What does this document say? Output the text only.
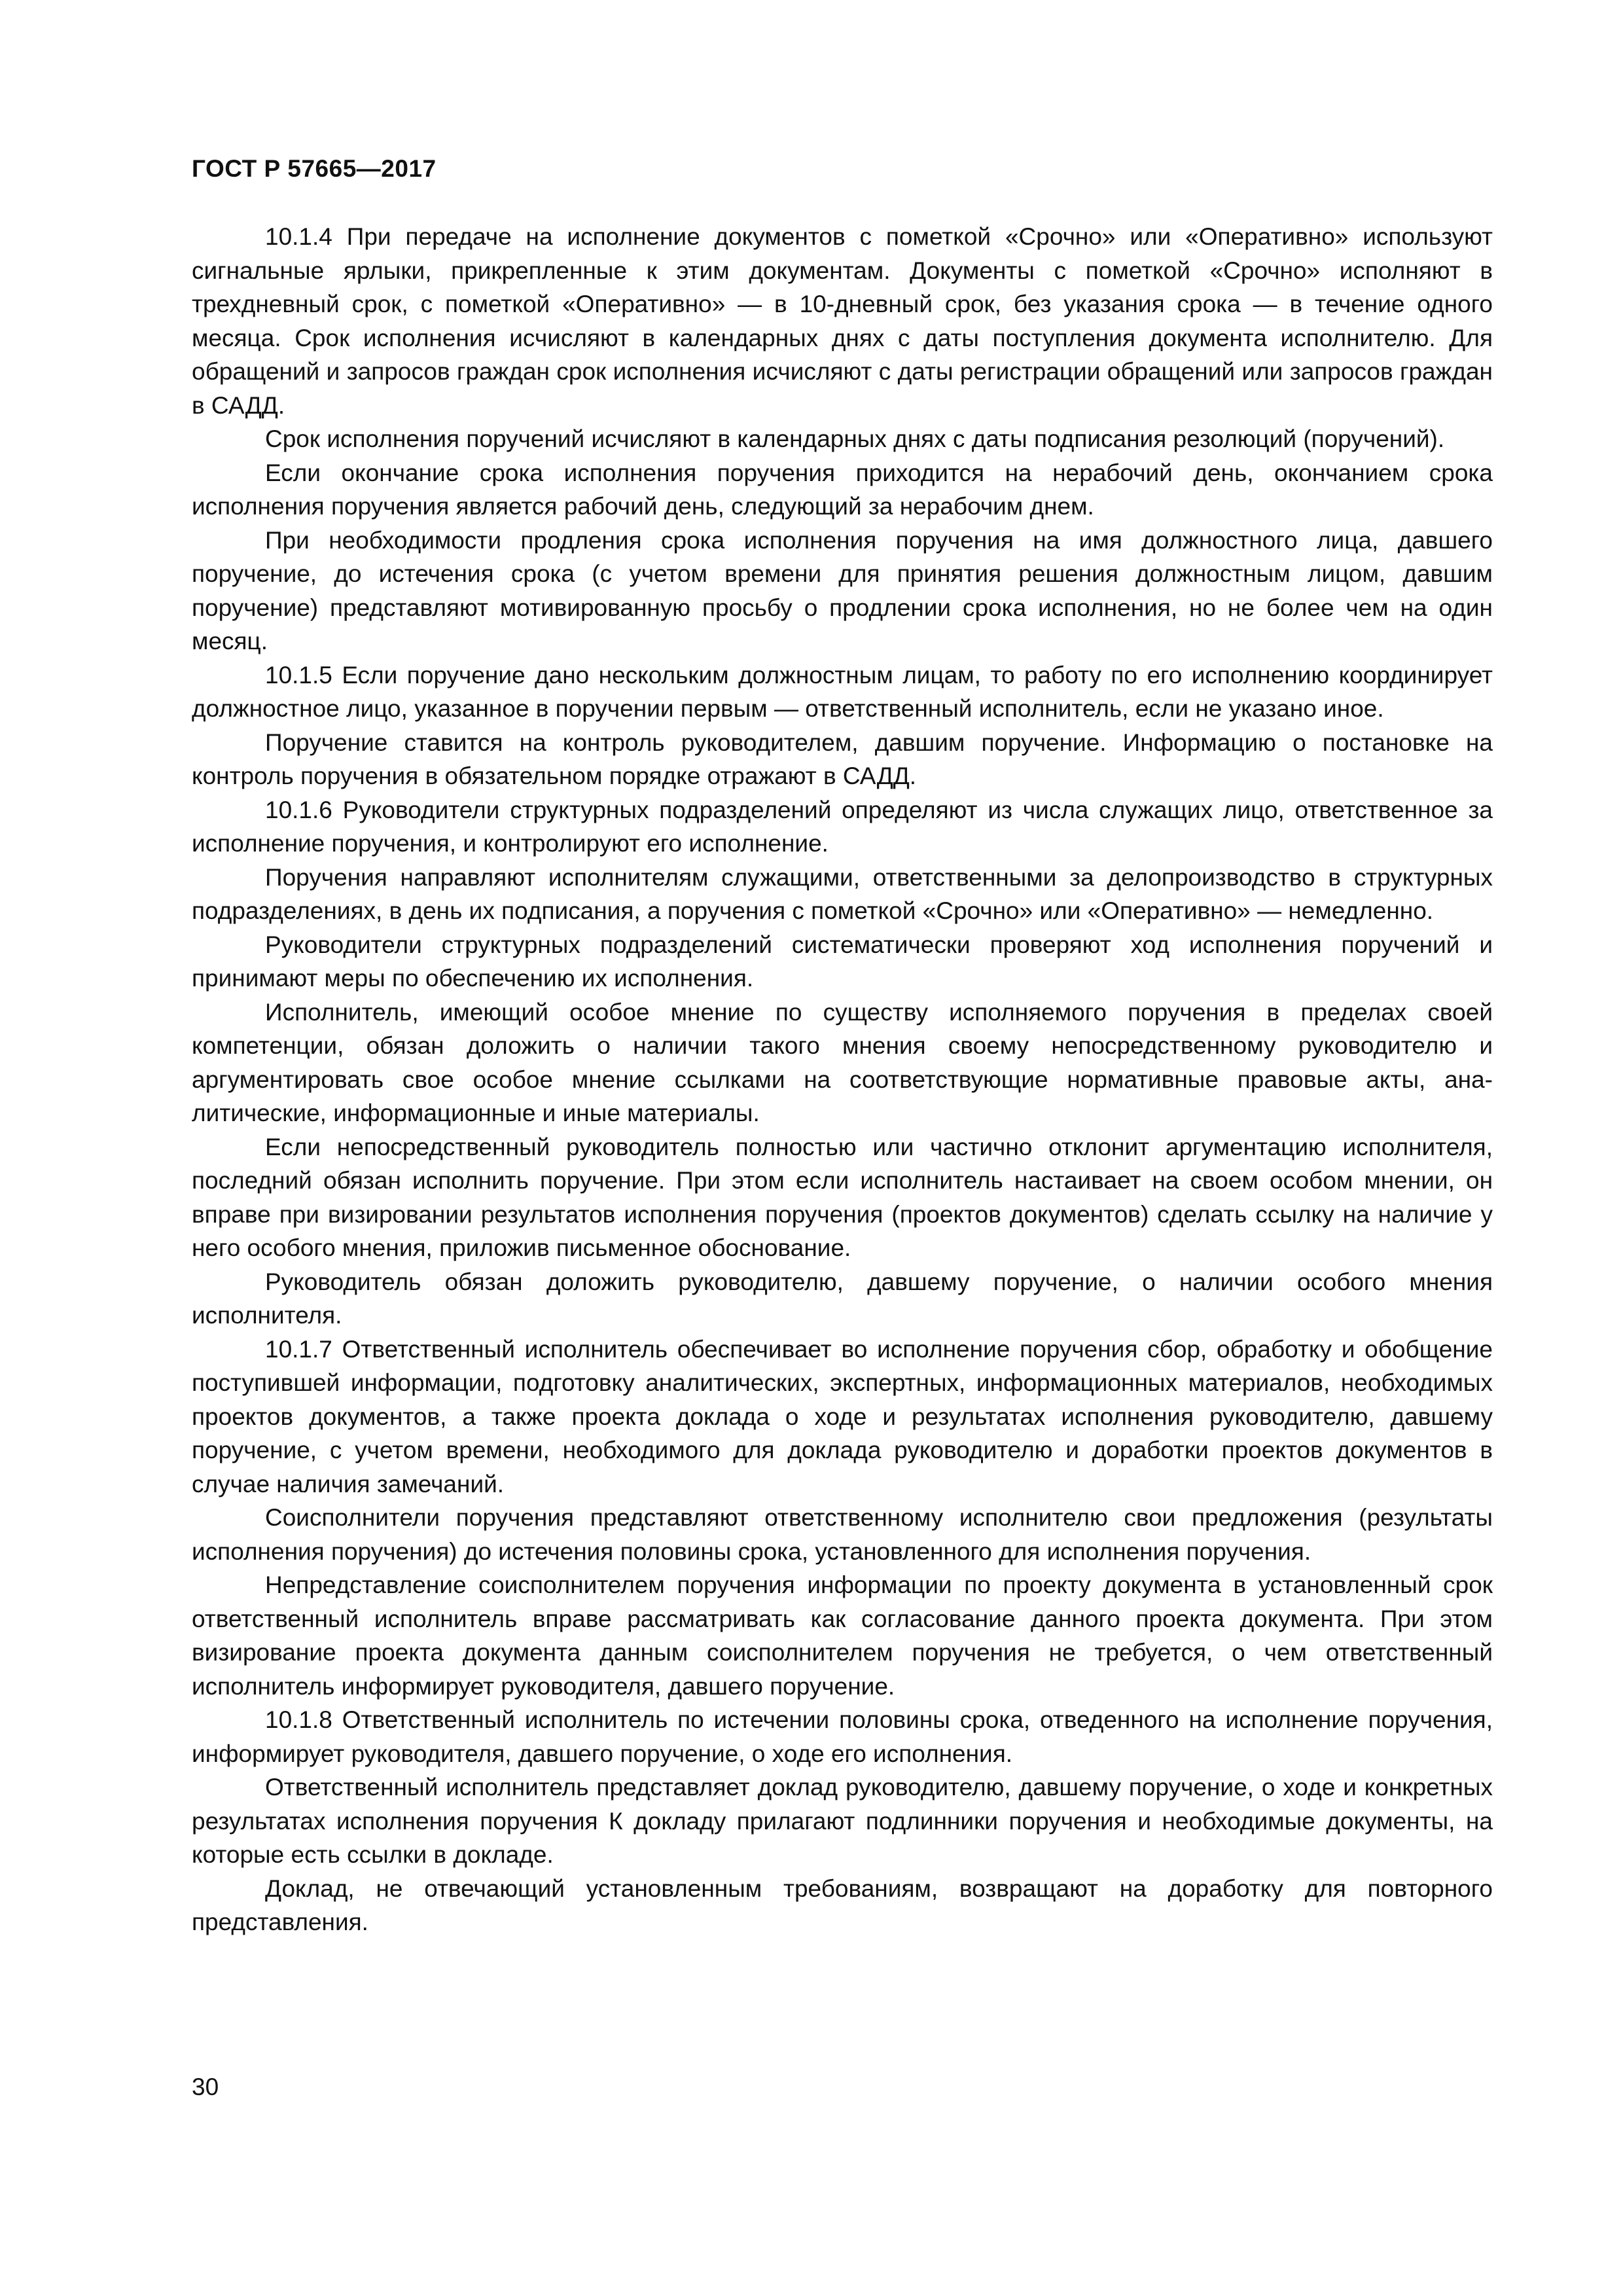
ГОСТ Р 57665—2017

10.1.4 При передаче на исполнение документов с пометкой «Срочно» или «Оперативно» используют сигнальные ярлыки, прикрепленные к этим документам. Документы с пометкой «Срочно» исполняют в трехдневный срок, с пометкой «Оперативно» — в 10-дневный срок, без указания срока — в течение одного месяца. Срок исполнения исчисляют в календарных днях с даты поступления документа исполнителю. Для обращений и запросов граждан срок исполнения исчисляют с даты регистрации обращений или запросов граждан в САДД.

Срок исполнения поручений исчисляют в календарных днях с даты подписания резолюций (поручений).

Если окончание срока исполнения поручения приходится на нерабочий день, окончанием срока исполнения поручения является рабочий день, следующий за нерабочим днем.

При необходимости продления срока исполнения поручения на имя должностного лица, давшего поручение, до истечения срока (с учетом времени для принятия решения должностным лицом, давшим поручение) представляют мотивированную просьбу о продлении срока исполнения, но не более чем на один месяц.

10.1.5 Если поручение дано нескольким должностным лицам, то работу по его исполнению координирует должностное лицо, указанное в поручении первым — ответственный исполнитель, если не указано иное.

Поручение ставится на контроль руководителем, давшим поручение. Информацию о постановке на контроль поручения в обязательном порядке отражают в САДД.

10.1.6 Руководители структурных подразделений определяют из числа служащих лицо, ответственное за исполнение поручения, и контролируют его исполнение.

Поручения направляют исполнителям служащими, ответственными за делопроизводство в структурных подразделениях, в день их подписания, а поручения с пометкой «Срочно» или «Оперативно» — немедленно.

Руководители структурных подразделений систематически проверяют ход исполнения поручений и принимают меры по обеспечению их исполнения.

Исполнитель, имеющий особое мнение по существу исполняемого поручения в пределах своей компетенции, обязан доложить о наличии такого мнения своему непосредственному руководителю и аргументировать свое особое мнение ссылками на соответствующие нормативные правовые акты, аналитические, информационные и иные материалы.

Если непосредственный руководитель полностью или частично отклонит аргументацию исполнителя, последний обязан исполнить поручение. При этом если исполнитель настаивает на своем особом мнении, он вправе при визировании результатов исполнения поручения (проектов документов) сделать ссылку на наличие у него особого мнения, приложив письменное обоснование.

Руководитель обязан доложить руководителю, давшему поручение, о наличии особого мнения исполнителя.

10.1.7 Ответственный исполнитель обеспечивает во исполнение поручения сбор, обработку и обобщение поступившей информации, подготовку аналитических, экспертных, информационных материалов, необходимых проектов документов, а также проекта доклада о ходе и результатах исполнения руководителю, давшему поручение, с учетом времени, необходимого для доклада руководителю и доработки проектов документов в случае наличия замечаний.

Соисполнители поручения представляют ответственному исполнителю свои предложения (результаты исполнения поручения) до истечения половины срока, установленного для исполнения поручения.

Непредставление соисполнителем поручения информации по проекту документа в установленный срок ответственный исполнитель вправе рассматривать как согласование данного проекта документа. При этом визирование проекта документа данным соисполнителем поручения не требуется, о чем ответственный исполнитель информирует руководителя, давшего поручение.

10.1.8 Ответственный исполнитель по истечении половины срока, отведенного на исполнение поручения, информирует руководителя, давшего поручение, о ходе его исполнения.

Ответственный исполнитель представляет доклад руководителю, давшему поручение, о ходе и конкретных результатах исполнения поручения К докладу прилагают подлинники поручения и необходимые документы, на которые есть ссылки в докладе.

Доклад, не отвечающий установленным требованиям, возвращают на доработку для повторного представления.

30
